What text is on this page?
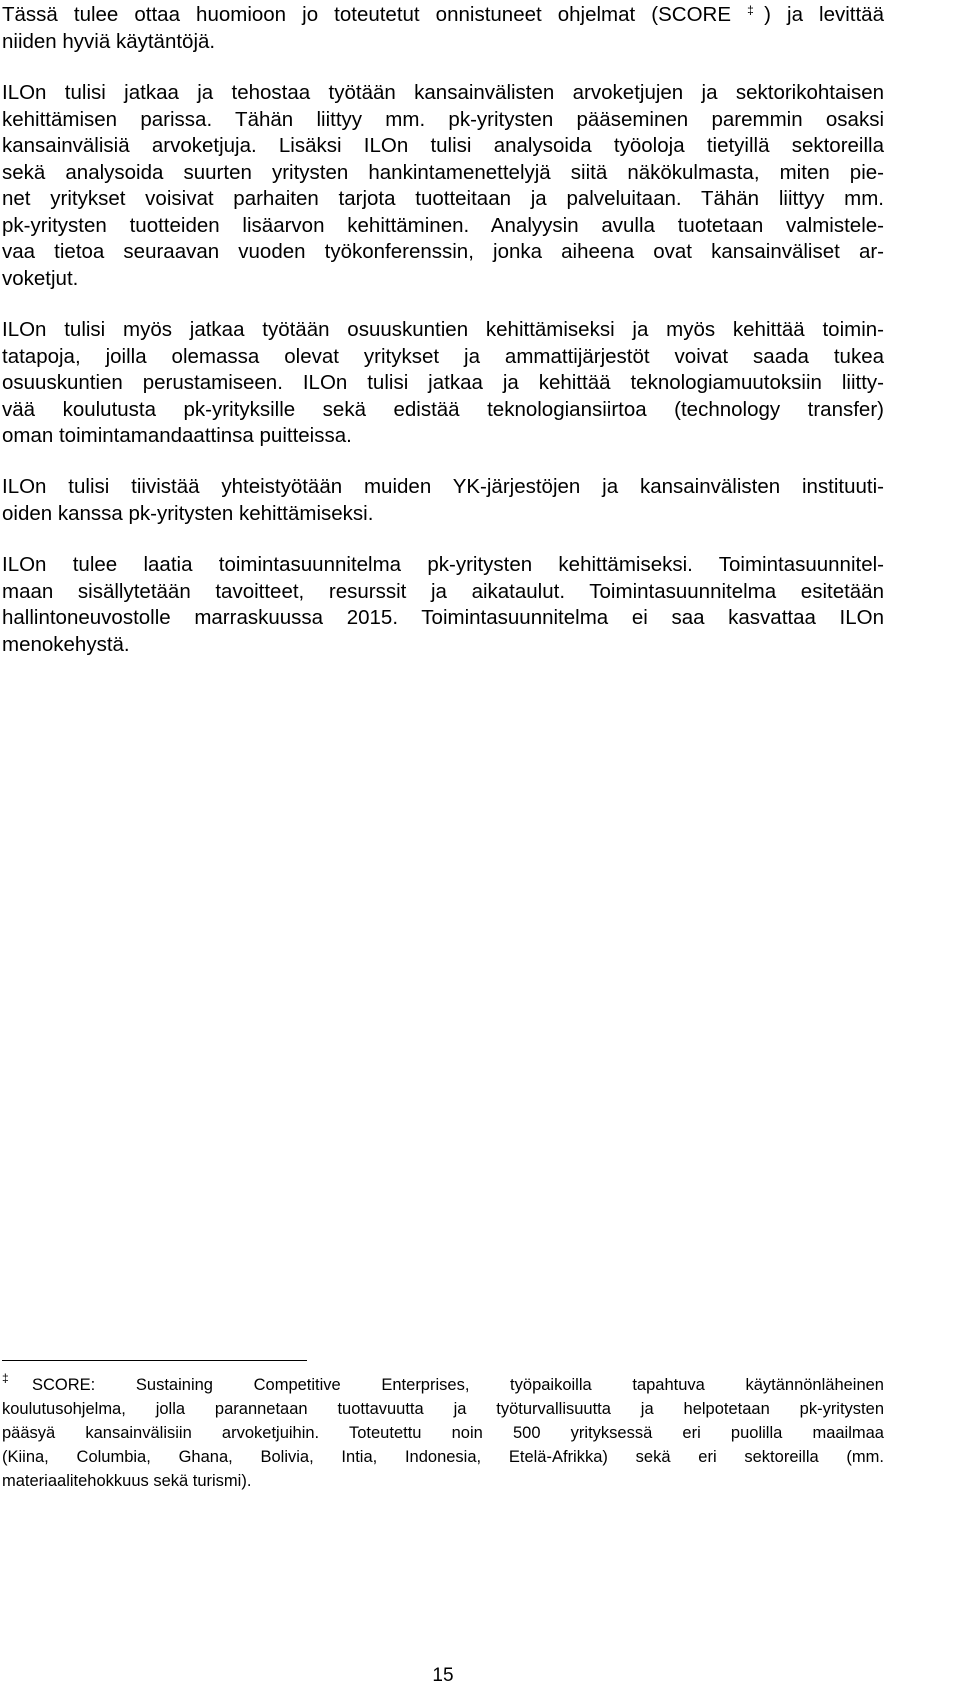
Tässä tulee ottaa huomioon jo toteutetut onnistuneet ohjelmat (SCORE ‡) ja levittää
niiden hyviä käytäntöjä.

ILOn tulisi jatkaa ja tehostaa työtään kansainvälisten arvoketjujen ja sektorikohtaisen
kehittämisen parissa. Tähän liittyy mm. pk-yritysten pääseminen paremmin osaksi
kansainvälisiä arvoketjuja. Lisäksi ILOn tulisi analysoida työoloja tietyillä sektoreilla
sekä analysoida suurten yritysten hankintamenettelyjä siitä näkökulmasta, miten pie-
net yritykset voisivat parhaiten tarjota tuotteitaan ja palveluitaan. Tähän liittyy mm.
pk-yritysten tuotteiden lisäarvon kehittäminen. Analyysin avulla tuotetaan valmistele-
vaa tietoa seuraavan vuoden työkonferenssin, jonka aiheena ovat kansainväliset ar-
voketjut.

ILOn tulisi myös jatkaa työtään osuuskuntien kehittämiseksi ja myös kehittää toimin-
tatapoja, joilla olemassa olevat yritykset ja ammattijärjestöt voivat saada tukea
osuuskuntien perustamiseen. ILOn tulisi jatkaa ja kehittää teknologiamuutoksiin liitty-
vää koulutusta pk-yrityksille sekä edistää teknologiansiirtoa (technology transfer)
oman toimintamandaattinsa puitteissa.

ILOn tulisi tiivistää yhteistyötään muiden YK-järjestöjen ja kansainvälisten instituuti-
oiden kanssa pk-yritysten kehittämiseksi.

ILOn tulee laatia toimintasuunnitelma pk-yritysten kehittämiseksi. Toimintasuunnitel-
maan sisällytetään tavoitteet, resurssit ja aikataulut. Toimintasuunnitelma esitetään
hallintoneuvostolle marraskuussa 2015. Toimintasuunnitelma ei saa kasvattaa ILOn
menokehystä.

‡ SCORE: Sustaining Competitive Enterprises, työpaikoilla tapahtuva käytännönläheinen
koulutusohjelma, jolla parannetaan tuottavuutta ja työturvallisuutta ja helpotetaan pk-yritysten
pääsyä kansainvälisiin arvoketjuihin. Toteutettu noin 500 yrityksessä eri puolilla maailmaa
(Kiina, Columbia, Ghana, Bolivia, Intia, Indonesia, Etelä-Afrikka) sekä eri sektoreilla (mm.
materiaalitehokkuus sekä turismi).

15
